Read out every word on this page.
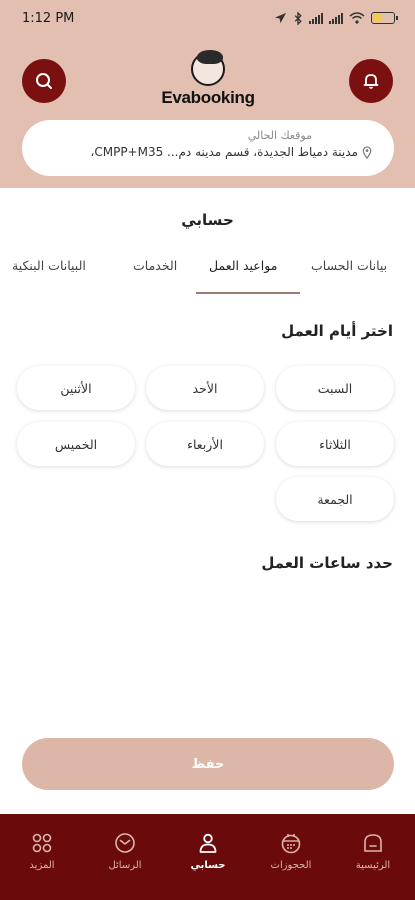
1:12 PM
Evabooking
موقعك الحالي
مدينة دمياط الجديدة، قسم مدينه دم... CMPP+M35،
حسابي
بيانات الحساب
مواعيد العمل
الخدمات
البيانات البنكية
اختر أيام العمل
السبت
الأحد
الأثنين
الثلاثاء
الأربعاء
الخميس
الجمعة
حدد ساعات العمل
حفظ
الرئيسية
الحجوزات
حسابي
الرسائل
المزيد
